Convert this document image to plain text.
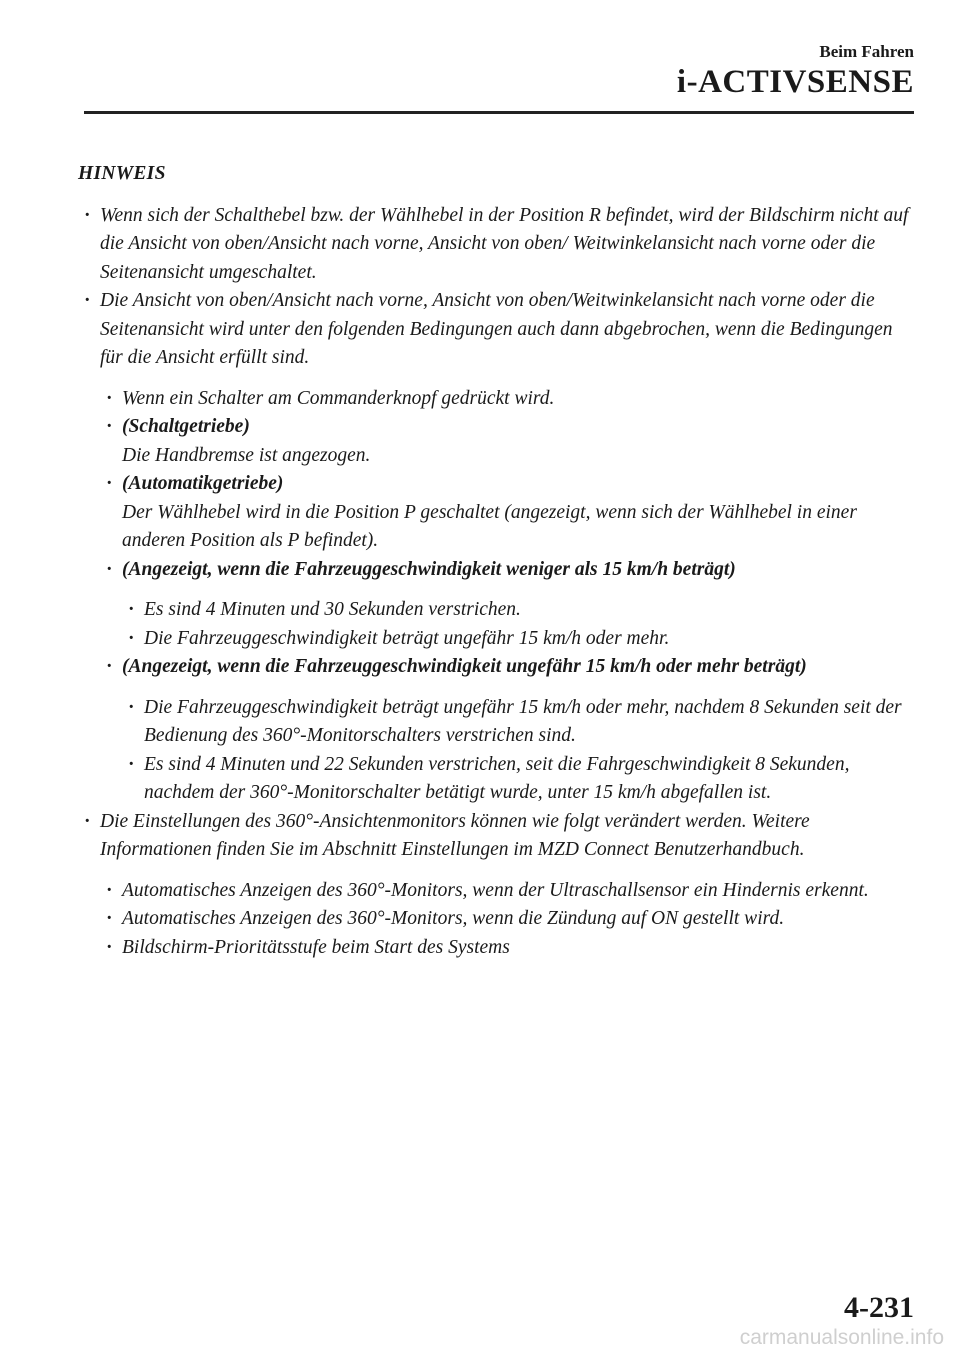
Beim Fahren
i-ACTIVSENSE
HINWEIS
· Wenn sich der Schalthebel bzw. der Wählhebel in der Position R befindet, wird der Bildschirm nicht auf die Ansicht von oben/Ansicht nach vorne, Ansicht von oben/ Weitwinkelansicht nach vorne oder die Seitenansicht umgeschaltet.
· Die Ansicht von oben/Ansicht nach vorne, Ansicht von oben/Weitwinkelansicht nach vorne oder die Seitenansicht wird unter den folgenden Bedingungen auch dann abgebrochen, wenn die Bedingungen für die Ansicht erfüllt sind.
· Wenn ein Schalter am Commanderknopf gedrückt wird.
· (Schaltgetriebe)
Die Handbremse ist angezogen.
· (Automatikgetriebe)
Der Wählhebel wird in die Position P geschaltet (angezeigt, wenn sich der Wählhebel in einer anderen Position als P befindet).
· (Angezeigt, wenn die Fahrzeuggeschwindigkeit weniger als 15 km/h beträgt)
· Es sind 4 Minuten und 30 Sekunden verstrichen.
· Die Fahrzeuggeschwindigkeit beträgt ungefähr 15 km/h oder mehr.
· (Angezeigt, wenn die Fahrzeuggeschwindigkeit ungefähr 15 km/h oder mehr beträgt)
· Die Fahrzeuggeschwindigkeit beträgt ungefähr 15 km/h oder mehr, nachdem 8 Sekunden seit der Bedienung des 360°-Monitorschalters verstrichen sind.
· Es sind 4 Minuten und 22 Sekunden verstrichen, seit die Fahrgeschwindigkeit 8 Sekunden, nachdem der 360°-Monitorschalter betätigt wurde, unter 15 km/h abgefallen ist.
· Die Einstellungen des 360°-Ansichtenmonitors können wie folgt verändert werden. Weitere Informationen finden Sie im Abschnitt Einstellungen im MZD Connect Benutzerhandbuch.
· Automatisches Anzeigen des 360°-Monitors, wenn der Ultraschallsensor ein Hindernis erkennt.
· Automatisches Anzeigen des 360°-Monitors, wenn die Zündung auf ON gestellt wird.
· Bildschirm-Prioritätsstufe beim Start des Systems
4-231
carmanualsonline.info
